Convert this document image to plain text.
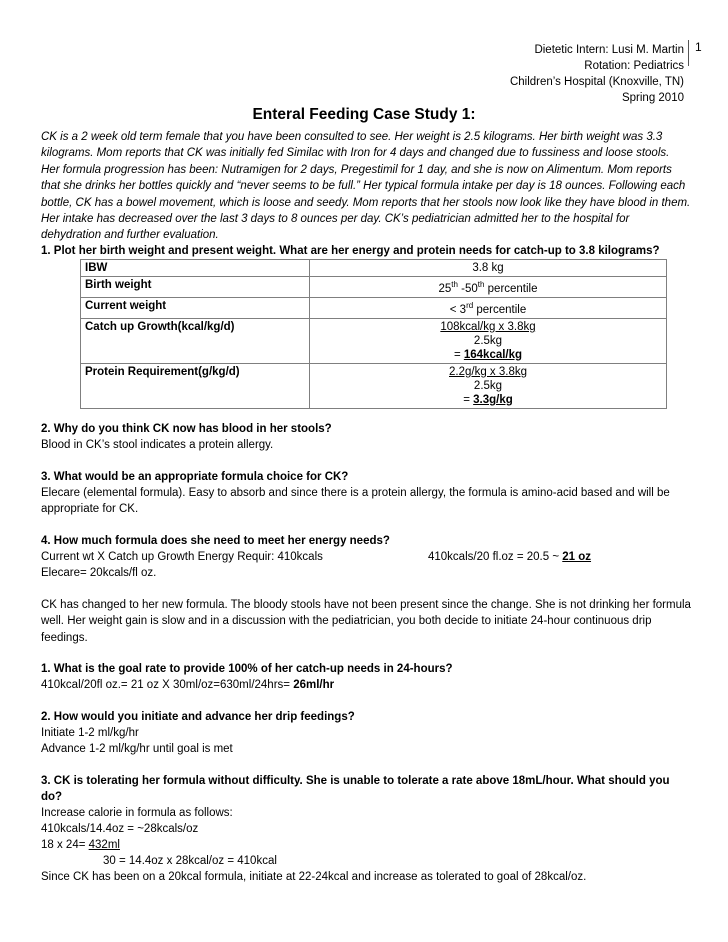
Dietetic Intern: Lusi M. Martin
Rotation: Pediatrics
Children’s Hospital (Knoxville, TN)
Spring 2010
1
Enteral Feeding Case Study 1:
CK is a 2 week old term female that you have been consulted to see. Her weight is 2.5 kilograms. Her birth weight was 3.3 kilograms. Mom reports that CK was initially fed Similac with Iron for 4 days and changed due to fussiness and loose stools. Her formula progression has been: Nutramigen for 2 days, Pregestimil for 1 day, and she is now on Alimentum. Mom reports that she drinks her bottles quickly and “never seems to be full.” Her typical formula intake per day is 18 ounces. Following each bottle, CK has a bowel movement, which is loose and seedy. Mom reports that her stools now look like they have blood in them. Her intake has decreased over the last 3 days to 8 ounces per day. CK’s pediatrician admitted her to the hospital for dehydration and further evaluation.
1. Plot her birth weight and present weight. What are her energy and protein needs for catch-up to 3.8 kilograms?
IBW	3.8 kg
Birth weight	25th -50th percentile
Current weight	< 3rd percentile
Catch up Growth(kcal/kg/d)	108kcal/kg x 3.8kg
2.5kg
= 164kcal/kg

Protein Requirement(g/kg/d)	2.2g/kg x 3.8kg
2.5kg
= 3.3g/kg
2. Why do you think CK now has blood in her stools?
Blood in CK’s stool indicates a protein allergy.
3. What would be an appropriate formula choice for CK?
Elecare (elemental formula). Easy to absorb and since there is a protein allergy, the formula is amino-acid based and will be appropriate for CK.
4. How much formula does she need to meet her energy needs?
Current wt X Catch up Growth Energy Requir: 410kcals	410kcals/20 fl.oz = 20.5 ~ 21 oz
Elecare= 20kcals/fl oz.
CK has changed to her new formula. The bloody stools have not been present since the change. She is not drinking her formula well. Her weight gain is slow and in a discussion with the pediatrician, you both decide to initiate 24-hour continuous drip feedings.
1. What is the goal rate to provide 100% of her catch-up needs in 24-hours?
410kcal/20fl oz.= 21 oz X 30ml/oz=630ml/24hrs= 26ml/hr
2. How would you initiate and advance her drip feedings?
Initiate 1-2 ml/kg/hr
Advance 1-2 ml/kg/hr until goal is met
3. CK is tolerating her formula without difficulty. She is unable to tolerate a rate above 18mL/hour. What should you do?
Increase calorie in formula as follows:
410kcals/14.4oz = ~28kcals/oz
18 x 24= 432ml
30 = 14.4oz x 28kcal/oz = 410kcal
Since CK has been on a 20kcal formula, initiate at 22-24kcal and increase as tolerated to goal of 28kcal/oz.
